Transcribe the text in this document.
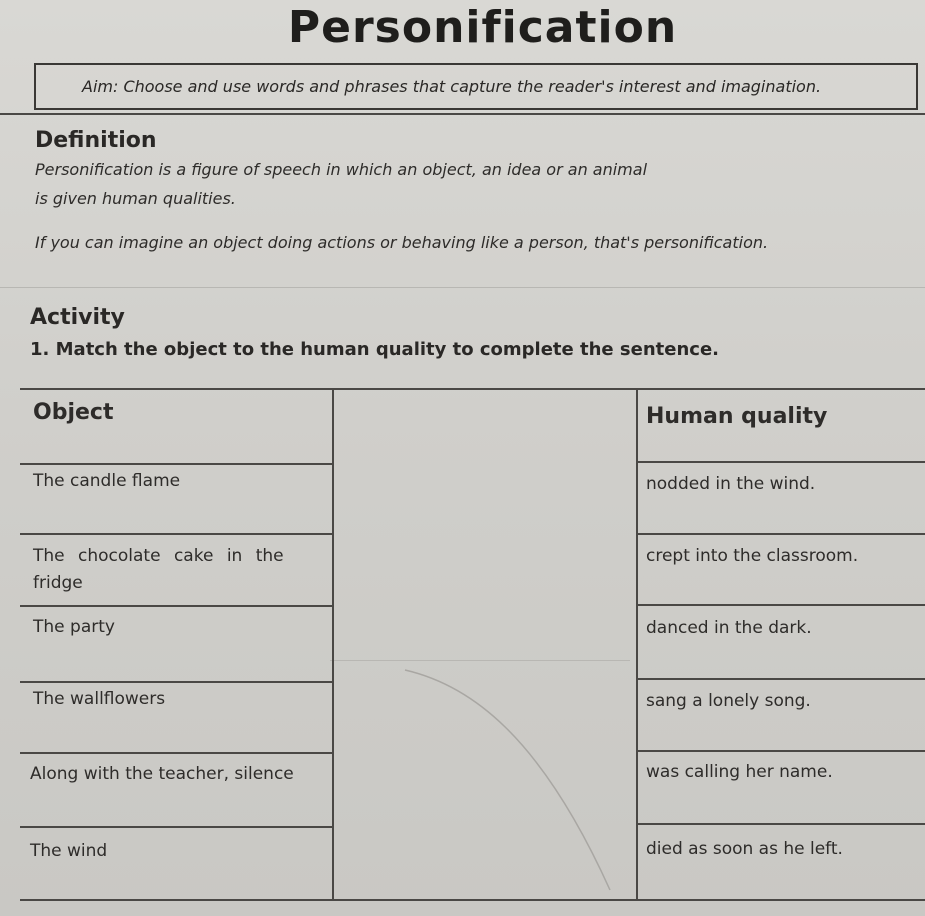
Personification
Aim: Choose and use words and phrases that capture the reader's interest and imagination.
Definition
Personification is a figure of speech in which an object, an idea or an animal
is given human qualities.
If you can imagine an object doing actions or behaving like a person, that's personification.
Activity
1. Match the object to the human quality to complete the sentence.
Object	Human quality
The candle flame
The chocolate cake in the
fridge
The party
The wallflowers
Along with the teacher, silence
The wind
nodded in the wind.
crept into the classroom.
danced in the dark.
sang a lonely song.
was calling her name.
died as soon as he left.
